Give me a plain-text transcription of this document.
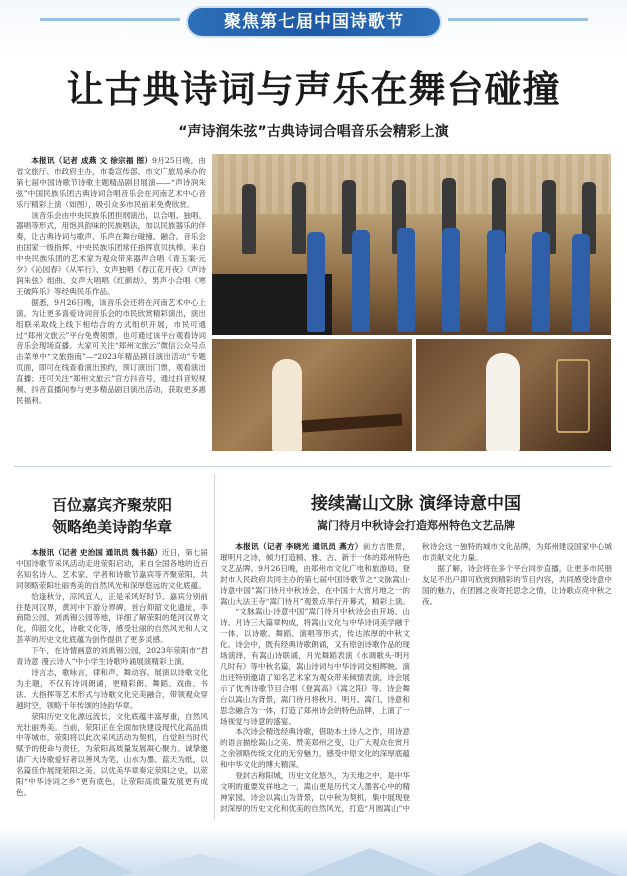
聚焦第七届中国诗歌节
让古典诗词与声乐在舞台碰撞
“声诗润朱弦”古典诗词合唱音乐会精彩上演

本报讯（记者 成燕 文 徐宗福 图）9月25日晚，由省文旅厅、市政府主办，市委宣传部、市文广旅局承办的第七届中国诗歌节诗歌主题精品剧目展演——“声诗润朱弦”中国民族乐团古典诗词合唱音乐会在河南艺术中心音乐厅精彩上演（如图），吸引众多市民前来免费欣赏。

该音乐会由中央民族乐团担纲演出，以合唱、独唱、器唱等形式，用饱具韵味的民族唱法，加以民族器乐的伴奏，让古典诗词与歌声、乐声在舞台碰撞、融合。音乐会由国家一级指挥、中央民族乐团常任指挥袁贝执棒。来自中央民族乐团的艺术家为观众带来器声合唱《青玉案·元夕》《沁园春》《从军行》、女声独唱《春江花月夜》《声诗润朱弦》组曲、女声大唱唱《红颜劫》、男声小合唱《寒王破阵乐》等经典民乐作品。

据悉，9月26日晚，该音乐会还将在河南艺术中心上演。为让更多喜爱诗词音乐会的市民欣赏精彩演出，演出组联采取线上线下相结合的方式组织开展，市民可通过“郑州文旅云”平台免费领票，也可通过该平台观看诗词音乐会现场直播。大家可关注“郑州文旅云”微信公众号点击菜单中“文旅指南”—“2023年精品剧目演出活动”专题页面，即可在线查看演出预约，预订演出门票，观看演出直播；还可关注“郑州文旅云”官方抖音号，通过抖音短视频、抖音直播间参与更多精品剧目演出活动，获取更多惠民福利。

百位嘉宾齐聚荥阳
领略绝美诗韵华章

本报讯（记者 史治国 通讯员 魏书磊）近日，第七届中国诗歌节采风活动走进荥阳启动，来自全国各地的近百名知名诗人、艺术家、学者和诗歌节嘉宾等齐聚荥阳，共同领略荥阳壮丽秀美的自然风光和深厚悠远的文化底蕴。

恰逢秋分，凉风宜人，正是采风好时节。嘉宾分别前往楚河汉界，黄河中下游分界碑，首台仰韶文化遗址，李商隐公园，刘禹锡公园等地，详细了解荥阳的楚河汉界文化，仰韶文化，诗歌文化等，感受壮丽的自然风光和人文荟萃的历史文化底蕴为创作提供了更多灵感。

下午，在诗情画意的刘禹锡公园，2023年荥阳市“君青诗意 漫云诗人”中小学生诗歌吟诵展演精彩上演。

诗言志，歌咏言，律和声，舞动容。展演以诗歌文化为主题，不仅有诗词朗诵，更精彩朗、舞蹈、戏曲、书法、大指挥等艺术形式与诗歌文化完美融合，带领观众穿越时空，领略千年传颂的诗韵华章。

荥阳历史文化源远流长，文化底蕴丰富厚重，自然风光壮丽秀美。当前，荥阳正在全面加快建设现代化高品质中等城市，荥阳将以此次采风活动为契机，自觉担当时代赋予的使命与责任，为荥阳高质量发展凝心聚力。诚挚邀请广大诗歌爱好者以善风为笔、山水为墨、蓝天为纸，以名篇佳作展现荥阳之美、以优美华章奏定荥阳之史，以荥阳“中华诗词之乡”更有底色，让荥阳高质量发展更有成色。

接续嵩山文脉 演绎诗意中国
嵩门待月中秋诗会打造郑州特色文艺品牌

本报讯（记者 李晓光 通讯员 燕方）前方吉胜景，璀明月之诗，倾力打造精、雅、古、新于一体的郑州特色文艺品牌。9月26日晚，由郑州市文化广电和旅游局、登封市人民政府共同主办的第七届中国诗歌节之“文脉嵩山·诗意中国”嵩门待月中秋诗会，在中国十大赏月地之一的嵩山大法王寺“嵩门待月”观景点举行开幕式，精彩上演。

“文脉嵩山·诗意中国”嵩门待月中秋诗会由开场、山诗、月诗三大篇章构成，将嵩山文化与中华诗词美学融于一体，以诗歌、舞蹈、演唱等形式，传达浓厚的中秋文化。诗会中，既有经典诗歌朗诵，又有原创诗歌作品的现场演绎，有嵩山诗联诵，月光舞蹈表演《水调歌头·明月几时有》等中秋名篇，嵩山诗词与中华诗词交相辉映。演出还特别邀请了知名艺术家为观众带来倾情表演，诗会展示了优秀诗歌节目合唱《登嵩高》《嵩之阳》等。诗会舞台以嵩山为背景，嵩门待月将秋月、明月、嵩门、诗意和思念融合为一体，打造了郑州诗会的特色品牌，上演了一场视觉与诗意的盛宴。

本次诗会精选经典诗歌，借助本土诗人之作，用诗意的语言描绘嵩山之美、赞美郑州之变，让广大观众在赏月之余领略传统文化的无穷魅力，感受中原文化的深厚底蕴和中华文化的博大精深。

登封古称阳城，历史文化悠久，为天地之中，是中华文明的重要发祥地之一，嵩山更是历代文人墨客心中的精神家园。诗会以嵩山为背景，以中秋为契机，集中展现登封深厚的历史文化和优美的自然风光，打造“月圆嵩山”中秋诗会这一独特的城市文化品牌，为郑州建设国家中心城市贡献文化力量。

据了解，诗会将在多个平台同步直播，让更多市民朋友足不出户即可欣赏到精彩的节目内容，共同感受诗意中国的魅力，在团圆之夜寄托思念之情，让诗歌点亮中秋之夜。
